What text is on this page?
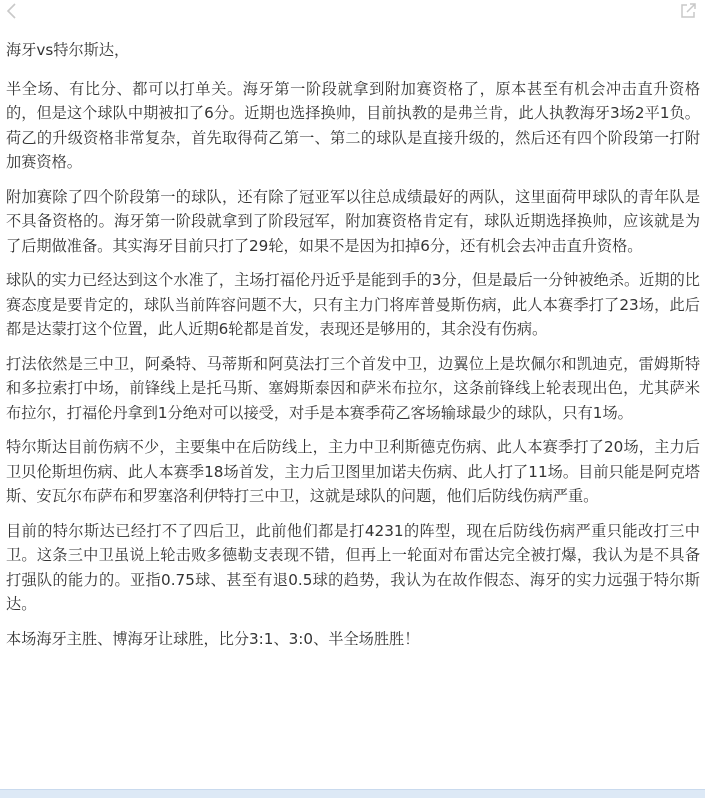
海牙vs特尔斯达，

半全场、有比分、都可以打单关。海牙第一阶段就拿到附加赛资格了，原本甚至有机会冲击直升资格的，但是这个球队中期被扣了6分。近期也选择换帅，目前执教的是弗兰肯，此人执教海牙3场2平1负。荷乙的升级资格非常复杂，首先取得荷乙第一、第二的球队是直接升级的，然后还有四个阶段第一打附加赛资格。

附加赛除了四个阶段第一的球队，还有除了冠亚军以往总成绩最好的两队，这里面荷甲球队的青年队是不具备资格的。海牙第一阶段就拿到了阶段冠军，附加赛资格肯定有，球队近期选择换帅，应该就是为了后期做准备。其实海牙目前只打了29轮，如果不是因为扣掉6分，还有机会去冲击直升资格。

球队的实力已经达到这个水准了，主场打福伦丹近乎是能到手的3分，但是最后一分钟被绝杀。近期的比赛态度是要肯定的，球队当前阵容问题不大，只有主力门将库普曼斯伤病，此人本赛季打了23场，此后都是达蒙打这个位置，此人近期6轮都是首发，表现还是够用的，其余没有伤病。

打法依然是三中卫，阿桑特、马蒂斯和阿莫法打三个首发中卫，边翼位上是坎佩尔和凯迪克，雷姆斯特和多拉索打中场，前锋线上是托马斯、塞姆斯泰因和萨米布拉尔，这条前锋线上轮表现出色，尤其萨米布拉尔，打福伦丹拿到1分绝对可以接受，对手是本赛季荷乙客场输球最少的球队，只有1场。

特尔斯达目前伤病不少，主要集中在后防线上，主力中卫利斯德克伤病、此人本赛季打了20场，主力后卫贝伦斯坦伤病、此人本赛季18场首发，主力后卫图里加诺夫伤病、此人打了11场。目前只能是阿克塔斯、安瓦尔布萨布和罗塞洛利伊特打三中卫，这就是球队的问题，他们后防线伤病严重。

目前的特尔斯达已经打不了四后卫，此前他们都是打4231的阵型，现在后防线伤病严重只能改打三中卫。这条三中卫虽说上轮击败多德勒支表现不错，但再上一轮面对布雷达完全被打爆，我认为是不具备打强队的能力的。亚指0.75球、甚至有退0.5球的趋势，我认为在故作假态、海牙的实力远强于特尔斯达。

本场海牙主胜、博海牙让球胜，比分3:1、3:0、半全场胜胜！
